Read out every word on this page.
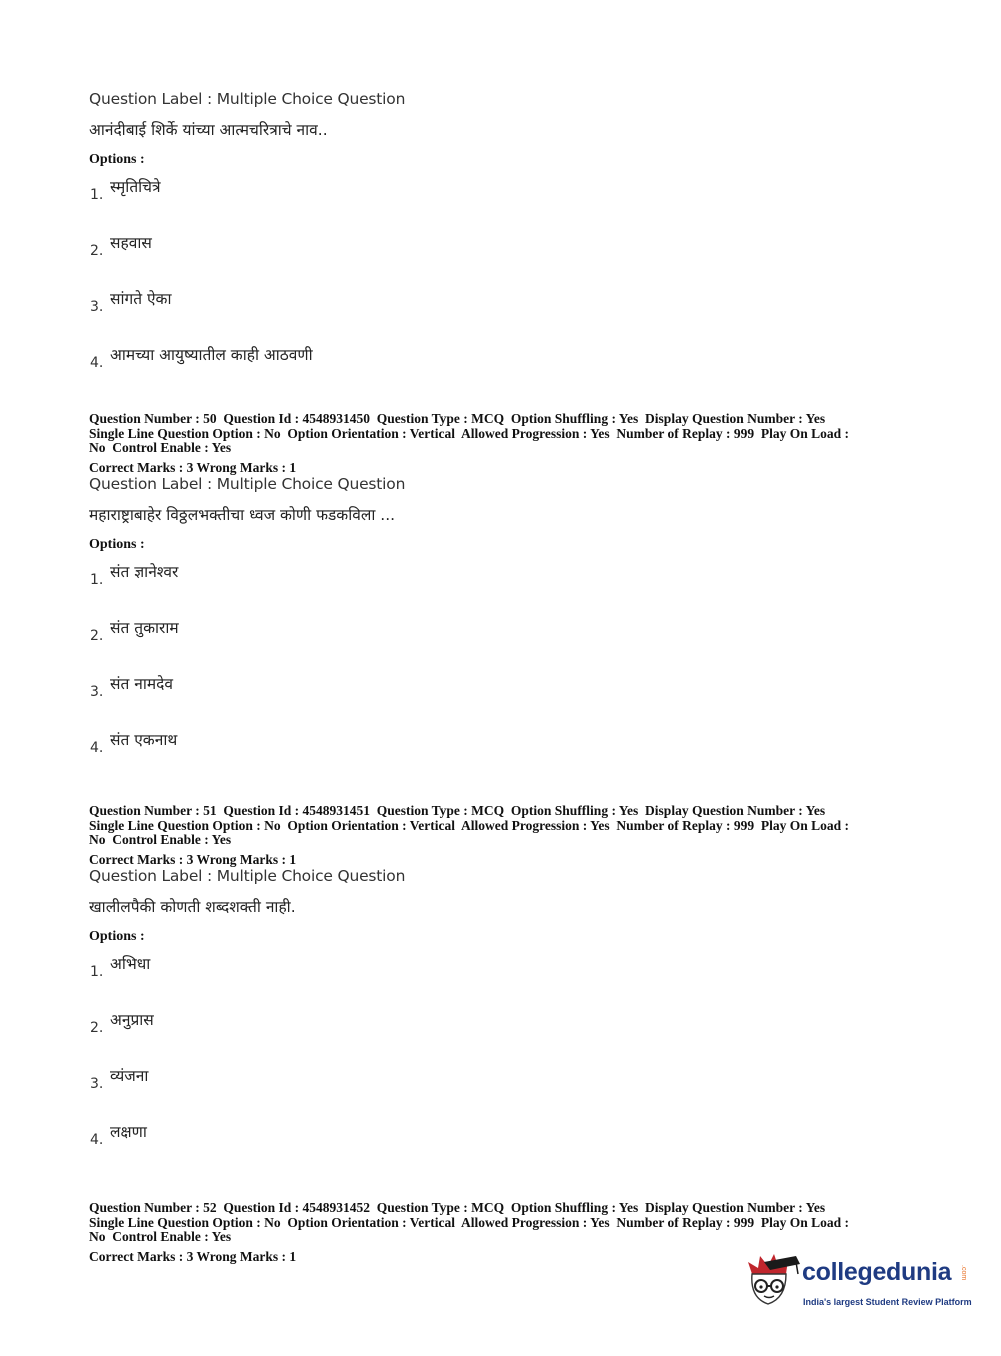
Question Label : Multiple Choice Question
आनंदीबाई शिर्के यांच्या आत्मचरित्राचे नाव..
Options :
1. स्मृतिचित्रे
2. सहवास
3. सांगते ऐका
4. आमच्या आयुष्यातील काही आठवणी
Question Number : 50  Question Id : 4548931450  Question Type : MCQ  Option Shuffling : Yes  Display Question Number : Yes
Single Line Question Option : No  Option Orientation : Vertical  Allowed Progression : Yes  Number of Replay : 999  Play On Load :
No  Control Enable : Yes
Correct Marks : 3 Wrong Marks : 1
Question Label : Multiple Choice Question
महाराष्ट्राबाहेर विठ्ठलभक्तीचा ध्वज कोणी फडकविला ...
Options :
1. संत ज्ञानेश्वर
2. संत तुकाराम
3. संत नामदेव
4. संत एकनाथ
Question Number : 51  Question Id : 4548931451  Question Type : MCQ  Option Shuffling : Yes  Display Question Number : Yes
Single Line Question Option : No  Option Orientation : Vertical  Allowed Progression : Yes  Number of Replay : 999  Play On Load :
No  Control Enable : Yes
Correct Marks : 3 Wrong Marks : 1
Question Label : Multiple Choice Question
खालीलपैकी कोणती शब्दशक्ती नाही.
Options :
1. अभिधा
2. अनुप्रास
3. व्यंजना
4. लक्षणा
Question Number : 52  Question Id : 4548931452  Question Type : MCQ  Option Shuffling : Yes  Display Question Number : Yes
Single Line Question Option : No  Option Orientation : Vertical  Allowed Progression : Yes  Number of Replay : 999  Play On Load :
No  Control Enable : Yes
Correct Marks : 3 Wrong Marks : 1
collegedunia .com
India's largest Student Review Platform
